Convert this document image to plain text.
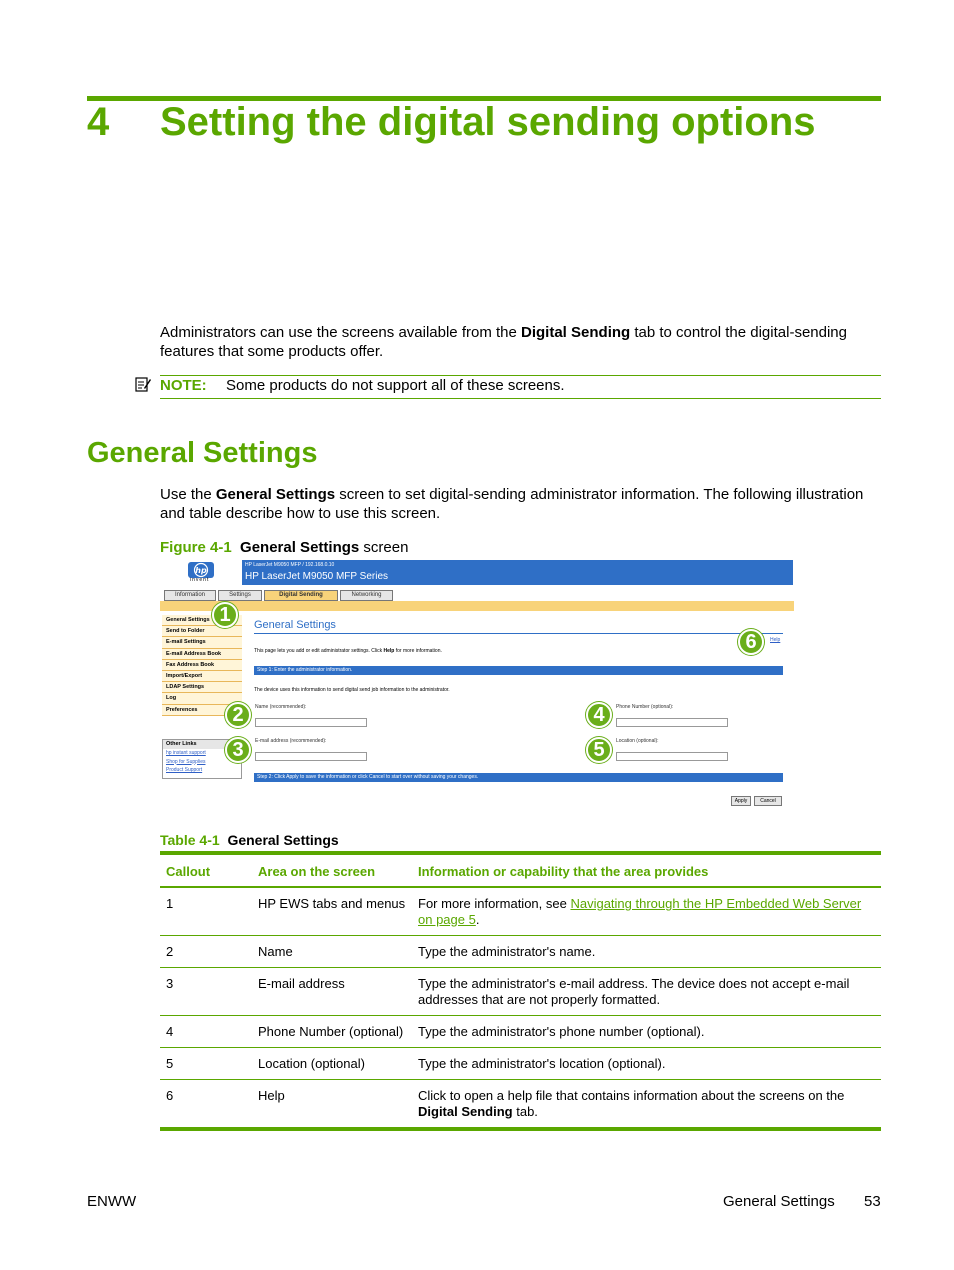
4 Setting the digital sending options
Administrators can use the screens available from the Digital Sending tab to control the digital-sending features that some products offer.
NOTE: Some products do not support all of these screens.
General Settings
Use the General Settings screen to set digital-sending administrator information. The following illustration and table describe how to use this screen.
Figure 4-1 General Settings screen
hp
invent
HP LaserJet M9050 MFP / 192.168.0.10
HP LaserJet M9050 MFP Series
Information	Settings	Digital Sending	Networking
General Settings
Send to Folder
E-mail Settings
E-mail Address Book
Fax Address Book
Import/Export
LDAP Settings
Log
Preferences
Other Links
hp instant support
Shop for Supplies
Product Support
General Settings
Help
This page lets you add or edit administrator settings. Click Help for more information.
Step 1: Enter the administrator information.
The device uses this information to send digital send job information to the administrator.
Name (recommended):
E-mail address (recommended):
Phone Number (optional):
Location (optional):
Step 2: Click Apply to save the information or click Cancel to start over without saving your changes.
Apply	Cancel
1
2
3
4
5
6
Table 4-1 General Settings
Callout	Area on the screen	Information or capability that the area provides
1	HP EWS tabs and menus	For more information, see Navigating through the HP Embedded Web Server on page 5.
2	Name	Type the administrator's name.
3	E-mail address	Type the administrator's e-mail address. The device does not accept e-mail addresses that are not properly formatted.
4	Phone Number (optional)	Type the administrator's phone number (optional).
5	Location (optional)	Type the administrator's location (optional).
6	Help	Click to open a help file that contains information about the screens on the Digital Sending tab.
ENWW	General Settings 53
